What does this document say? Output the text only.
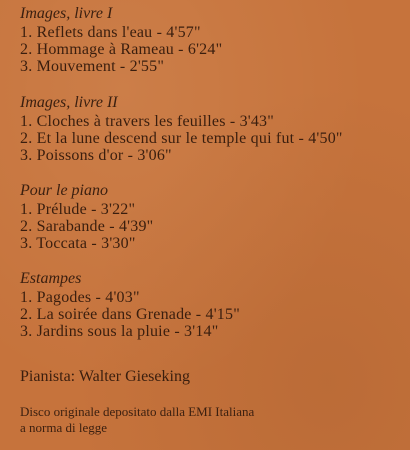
Images, livre I
1. Reflets dans l'eau - 4'57"
2. Hommage à Rameau - 6'24"
3. Mouvement - 2'55"
Images, livre II
1. Cloches à travers les feuilles - 3'43"
2. Et la lune descend sur le temple qui fut - 4'50"
3. Poissons d'or - 3'06"
Pour le piano
1. Prélude - 3'22"
2. Sarabande - 4'39"
3. Toccata - 3'30"
Estampes
1. Pagodes - 4'03"
2. La soirée dans Grenade - 4'15"
3. Jardins sous la pluie - 3'14"
Pianista: Walter Gieseking
Disco originale depositato dalla EMI Italiana
a norma di legge
